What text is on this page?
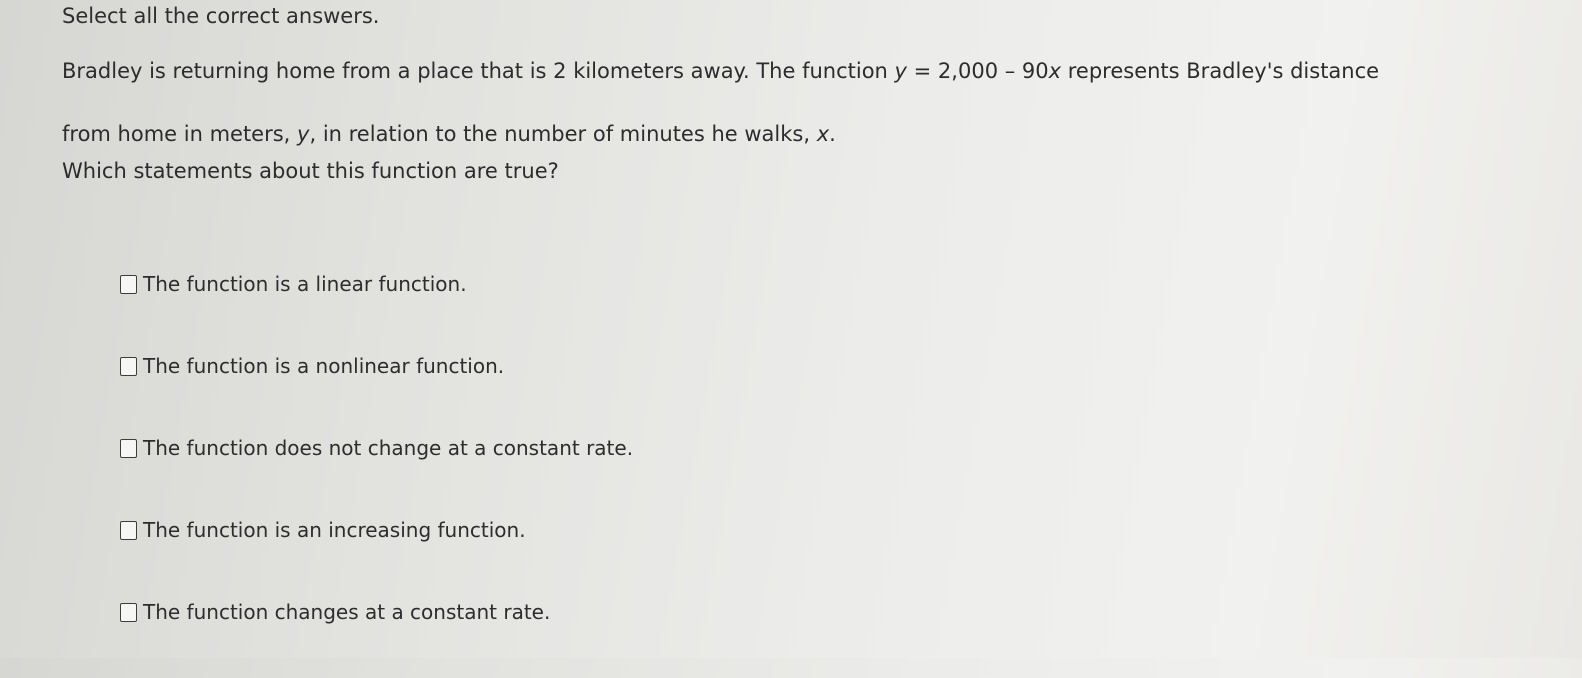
Select all the correct answers.
Bradley is returning home from a place that is 2 kilometers away. The function y = 2,000 – 90x represents Bradley's distance
from home in meters, y, in relation to the number of minutes he walks, x.
Which statements about this function are true?
The function is a linear function.
The function is a nonlinear function.
The function does not change at a constant rate.
The function is an increasing function.
The function changes at a constant rate.
